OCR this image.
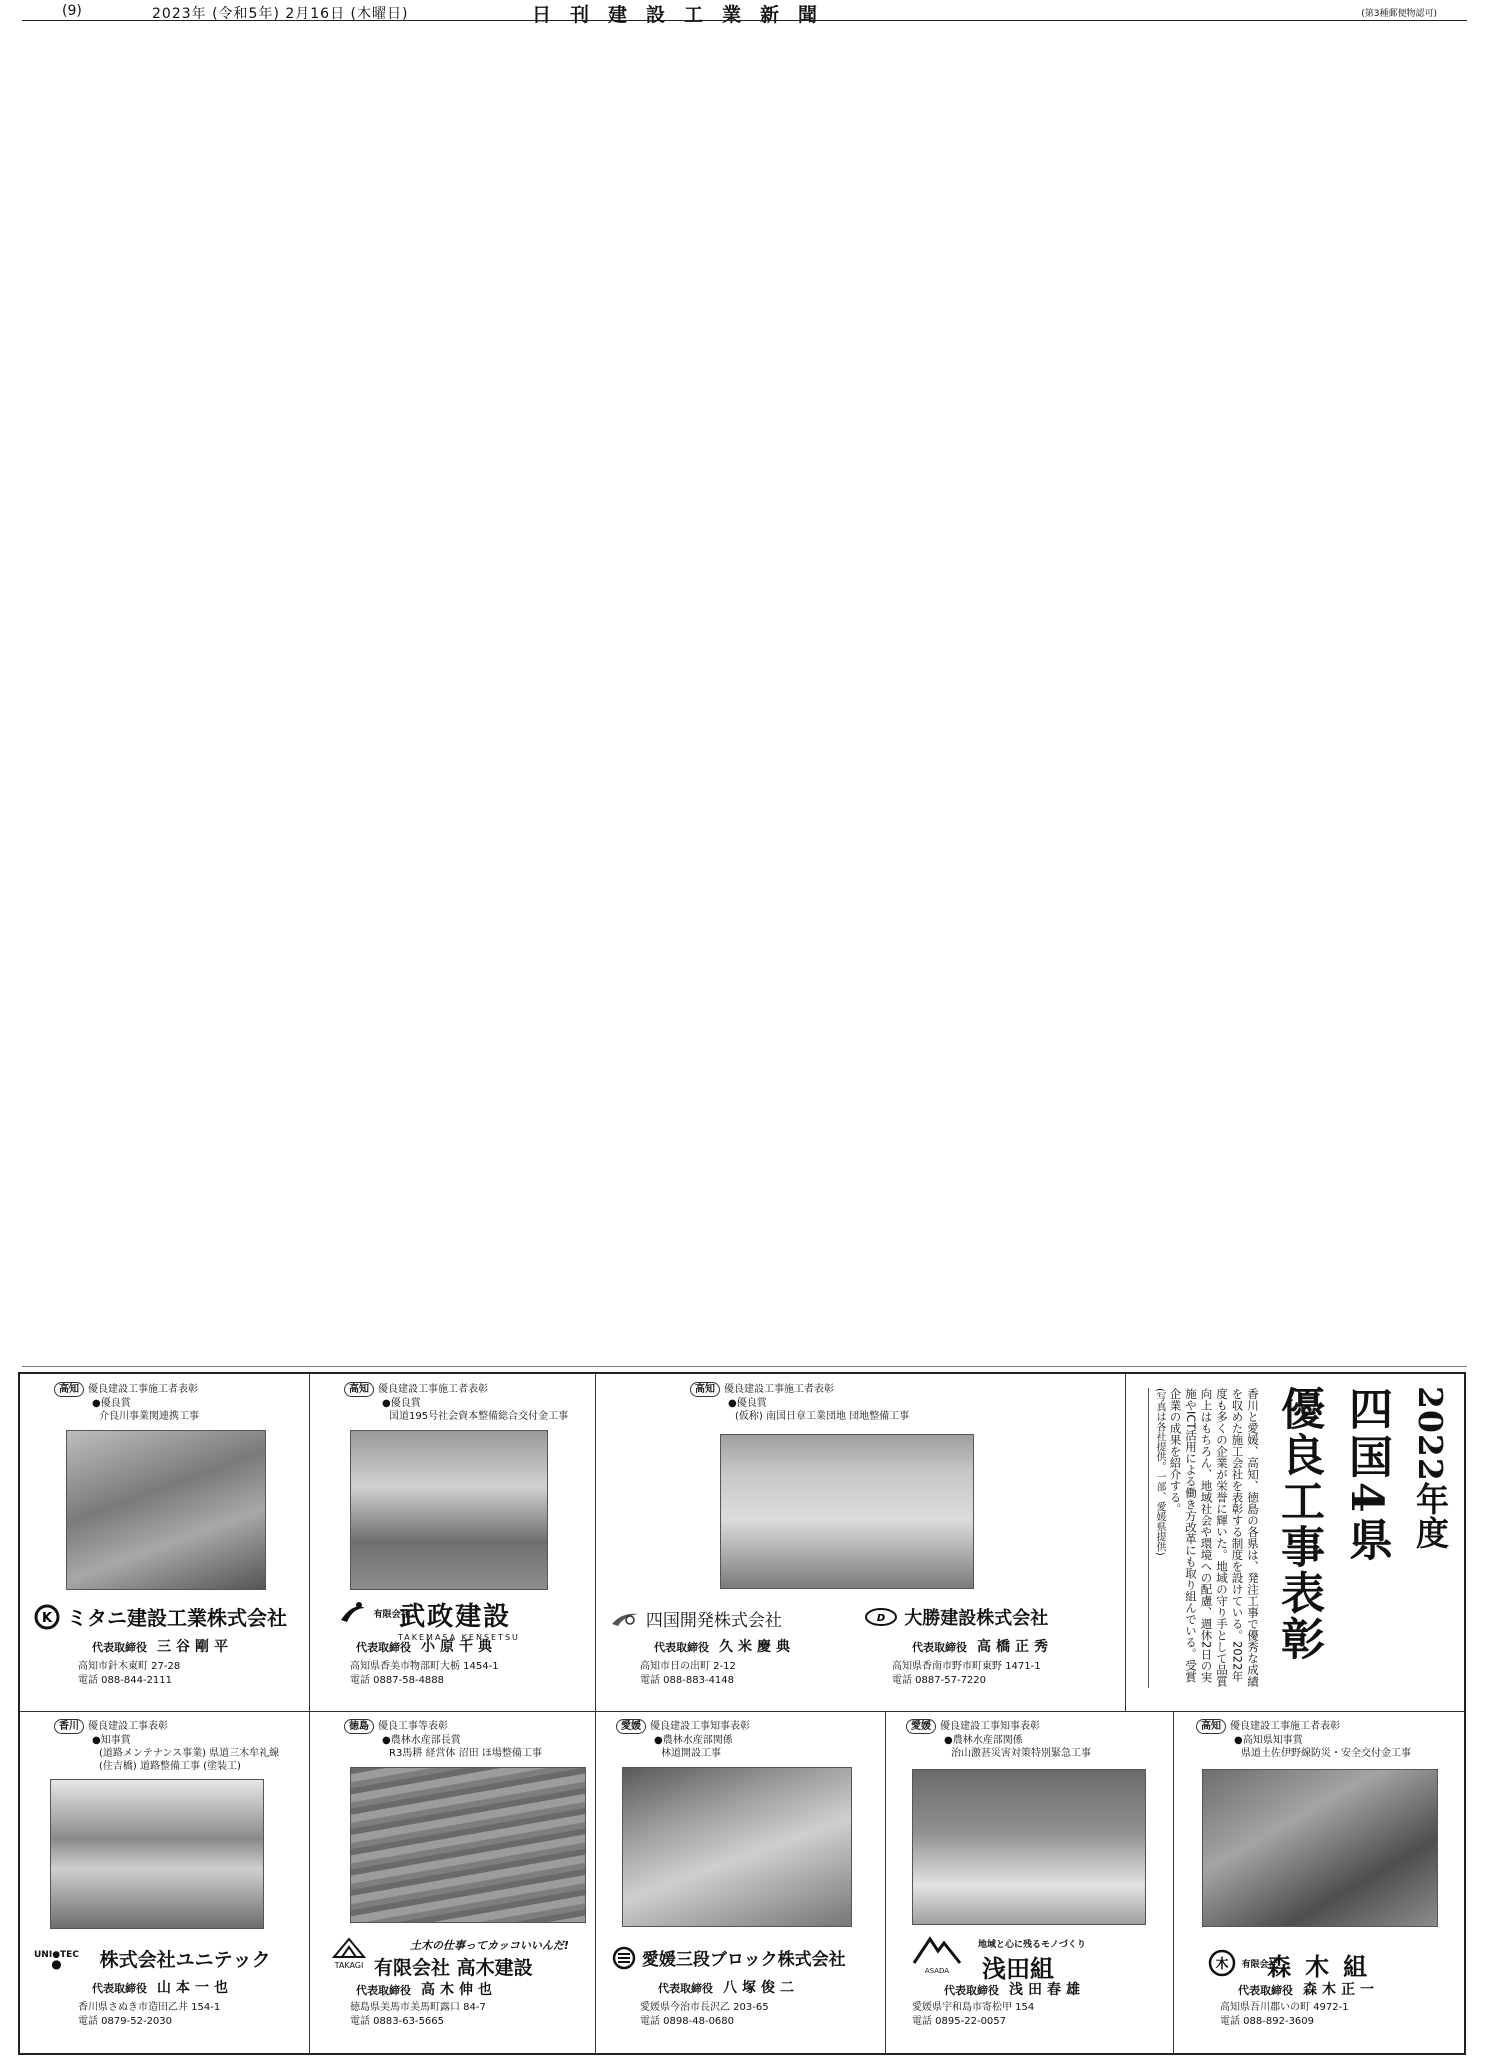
(9)	2023年 (令和5年) 2月16日 (木曜日)	日刊建設工業新聞	(第3種郵便物認可)
高知 優良建設工事施工者表彰
●優良賞
介良川事業関連携工事
K ミタニ建設工業株式会社
代表取締役 三谷剛平
高知市針木東町 27-28
電話 088-844-2111
高知 優良建設工事施工者表彰
●優良賞
国道195号社会資本整備総合交付金工事
有限会社 武政建設
TAKEMASA KENSETSU
代表取締役 小原千典
高知県香美市物部町大栃 1454-1
電話 0887-58-4888
高知 優良建設工事施工者表彰
●優良賞
(仮称) 南国日章工業団地 団地整備工事
四国開発株式会社
代表取締役 久米慶典
高知市日の出町 2-12
電話 088-883-4148
D 大勝建設株式会社
代表取締役 高橋正秀
高知県香南市野市町東野 1471-1
電話 0887-57-7220
2022年度
四国4県
優良工事表彰
香川と愛媛、高知、徳島の各県は、発注工事で優秀な成績を収めた施工会社を表彰する制度を設けている。2022年度も多くの企業が栄誉に輝いた。地域の守り手として品質向上はもちろん、地域社会や環境への配慮、週休2日の実施やICT活用による働き方改革にも取り組んでいる。受賞企業の成果を紹介する。
(写真は各社提供。一部、愛媛県提供)
香川 優良建設工事表彰
●知事賞
(道路メンテナンス事業) 県道三木牟礼線
(住吉橋) 道路整備工事 (塗装工)
UNI●TEC
● 株式会社ユニテック
代表取締役 山本一也
香川県さぬき市造田乙井 154-1
電話 0879-52-2030
徳島 優良工事等表彰
●農林水産部長賞
R3馬耕 経営体 沼田 ほ場整備工事
土木の仕事ってカッコいいんだ!
TAKAGI 有限会社 高木建設
代表取締役 高木伸也
徳島県美馬市美馬町露口 84-7
電話 0883-63-5665
愛媛 優良建設工事知事表彰
●農林水産部関係
林道開設工事
愛媛三段ブロック株式会社
代表取締役 八塚俊二
愛媛県今治市長沢乙 203-65
電話 0898-48-0680
愛媛 優良建設工事知事表彰
●農林水産部関係
治山激甚災害対策特別緊急工事
ASADA
地域と心に残るモノづくり
浅田組
代表取締役 浅田春雄
愛媛県宇和島市寄松甲 154
電話 0895-22-0057
高知 優良建設工事施工者表彰
●高知県知事賞
県道土佐伊野線防災・安全交付金工事
木 有限会社 森木組
代表取締役 森木正一
高知県吾川郡いの町 4972-1
電話 088-892-3609
